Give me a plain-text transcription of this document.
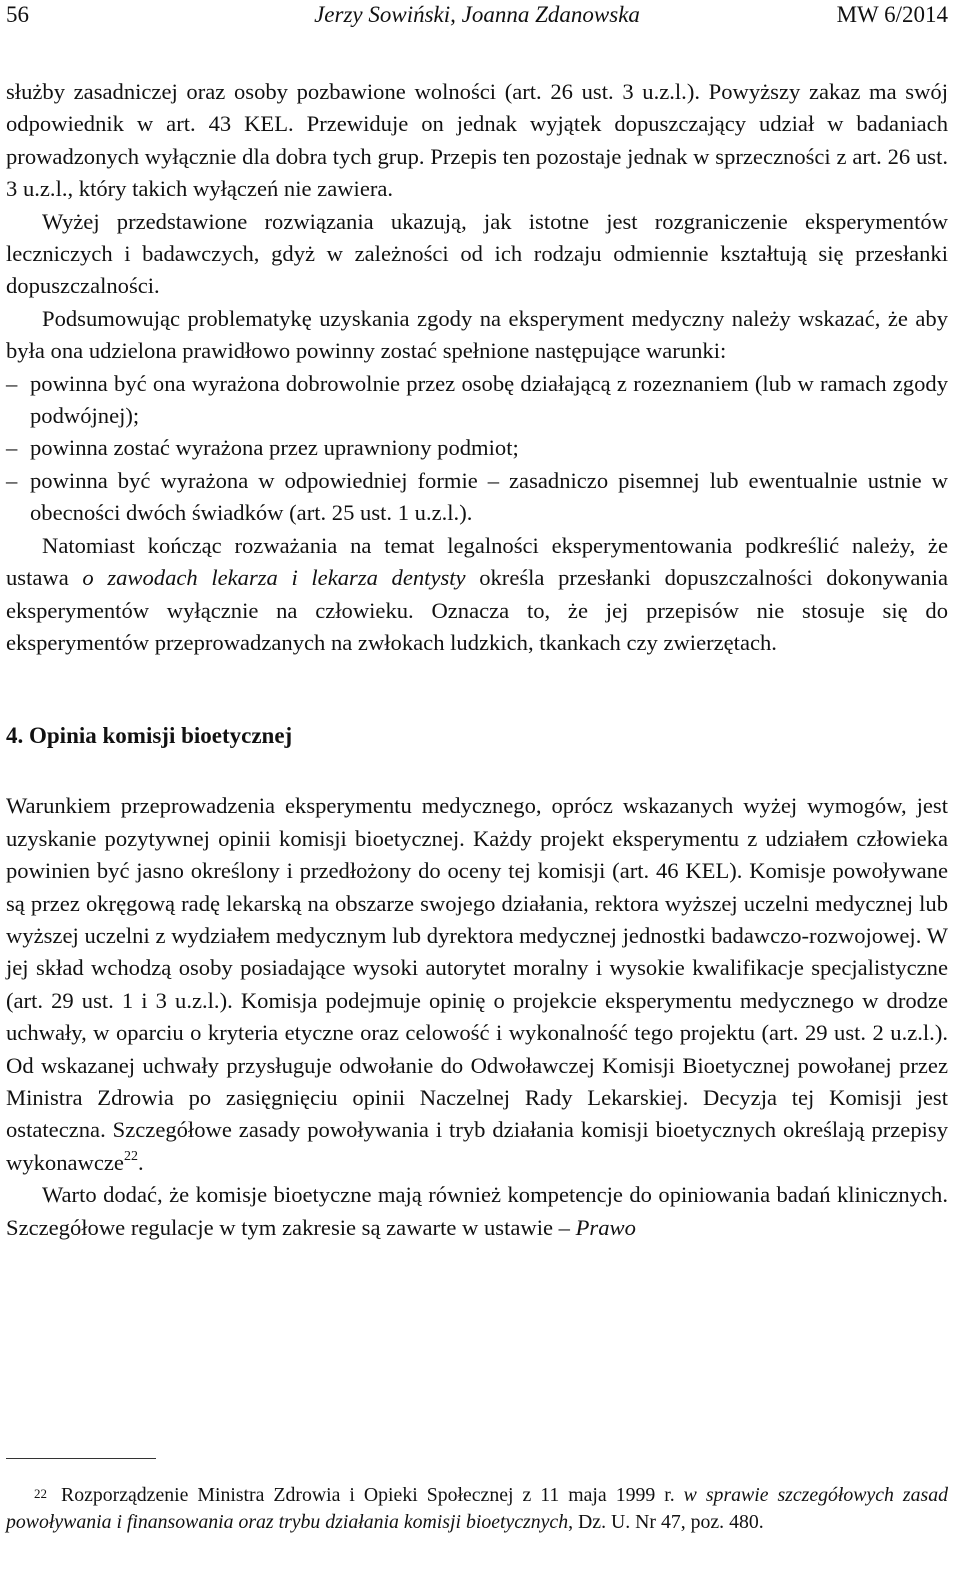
56	Jerzy Sowiński, Joanna Zdanowska	MW 6/2014

służby zasadniczej oraz osoby pozbawione wolności (art. 26 ust. 3 u.z.l.). Powyższy zakaz ma swój odpowiednik w art. 43 KEL. Przewiduje on jednak wyjątek dopuszczający udział w badaniach prowadzonych wyłącznie dla dobra tych grup. Przepis ten pozostaje jednak w sprzeczności z art. 26 ust. 3 u.z.l., który takich wyłączeń nie zawiera.

Wyżej przedstawione rozwiązania ukazują, jak istotne jest rozgraniczenie eksperymentów leczniczych i badawczych, gdyż w zależności od ich rodzaju odmiennie kształtują się przesłanki dopuszczalności.

Podsumowując problematykę uzyskania zgody na eksperyment medyczny należy wskazać, że aby była ona udzielona prawidłowo powinny zostać spełnione następujące warunki:

– powinna być ona wyrażona dobrowolnie przez osobę działającą z rozeznaniem (lub w ramach zgody podwójnej);
– powinna zostać wyrażona przez uprawniony podmiot;
– powinna być wyrażona w odpowiedniej formie – zasadniczo pisemnej lub ewentualnie ustnie w obecności dwóch świadków (art. 25 ust. 1 u.z.l.).

Natomiast kończąc rozważania na temat legalności eksperymentowania podkreślić należy, że ustawa o zawodach lekarza i lekarza dentysty określa przesłanki dopuszczalności dokonywania eksperymentów wyłącznie na człowieku. Oznacza to, że jej przepisów nie stosuje się do eksperymentów przeprowadzanych na zwłokach ludzkich, tkankach czy zwierzętach.

4. Opinia komisji bioetycznej

Warunkiem przeprowadzenia eksperymentu medycznego, oprócz wskazanych wyżej wymogów, jest uzyskanie pozytywnej opinii komisji bioetycznej. Każdy projekt eksperymentu z udziałem człowieka powinien być jasno określony i przedłożony do oceny tej komisji (art. 46 KEL). Komisje powoływane są przez okręgową radę lekarską na obszarze swojego działania, rektora wyższej uczelni medycznej lub wyższej uczelni z wydziałem medycznym lub dyrektora medycznej jednostki badawczo-rozwojowej. W jej skład wchodzą osoby posiadające wysoki autorytet moralny i wysokie kwalifikacje specjalistyczne (art. 29 ust. 1 i 3 u.z.l.). Komisja podejmuje opinię o projekcie eksperymentu medycznego w drodze uchwały, w oparciu o kryteria etyczne oraz celowość i wykonalność tego projektu (art. 29 ust. 2 u.z.l.). Od wskazanej uchwały przysługuje odwołanie do Odwoławczej Komisji Bioetycznej powołanej przez Ministra Zdrowia po zasięgnięciu opinii Naczelnej Rady Lekarskiej. Decyzja tej Komisji jest ostateczna. Szczegółowe zasady powoływania i tryb działania komisji bioetycznych określają przepisy wykonawcze$^{22}$.

Warto dodać, że komisje bioetyczne mają również kompetencje do opiniowania badań klinicznych. Szczegółowe regulacje w tym zakresie są zawarte w ustawie – Prawo

$^{22}$ Rozporządzenie Ministra Zdrowia i Opieki Społecznej z 11 maja 1999 r. w sprawie szczegółowych zasad powoływania i finansowania oraz trybu działania komisji bioetycznych, Dz. U. Nr 47, poz. 480.
